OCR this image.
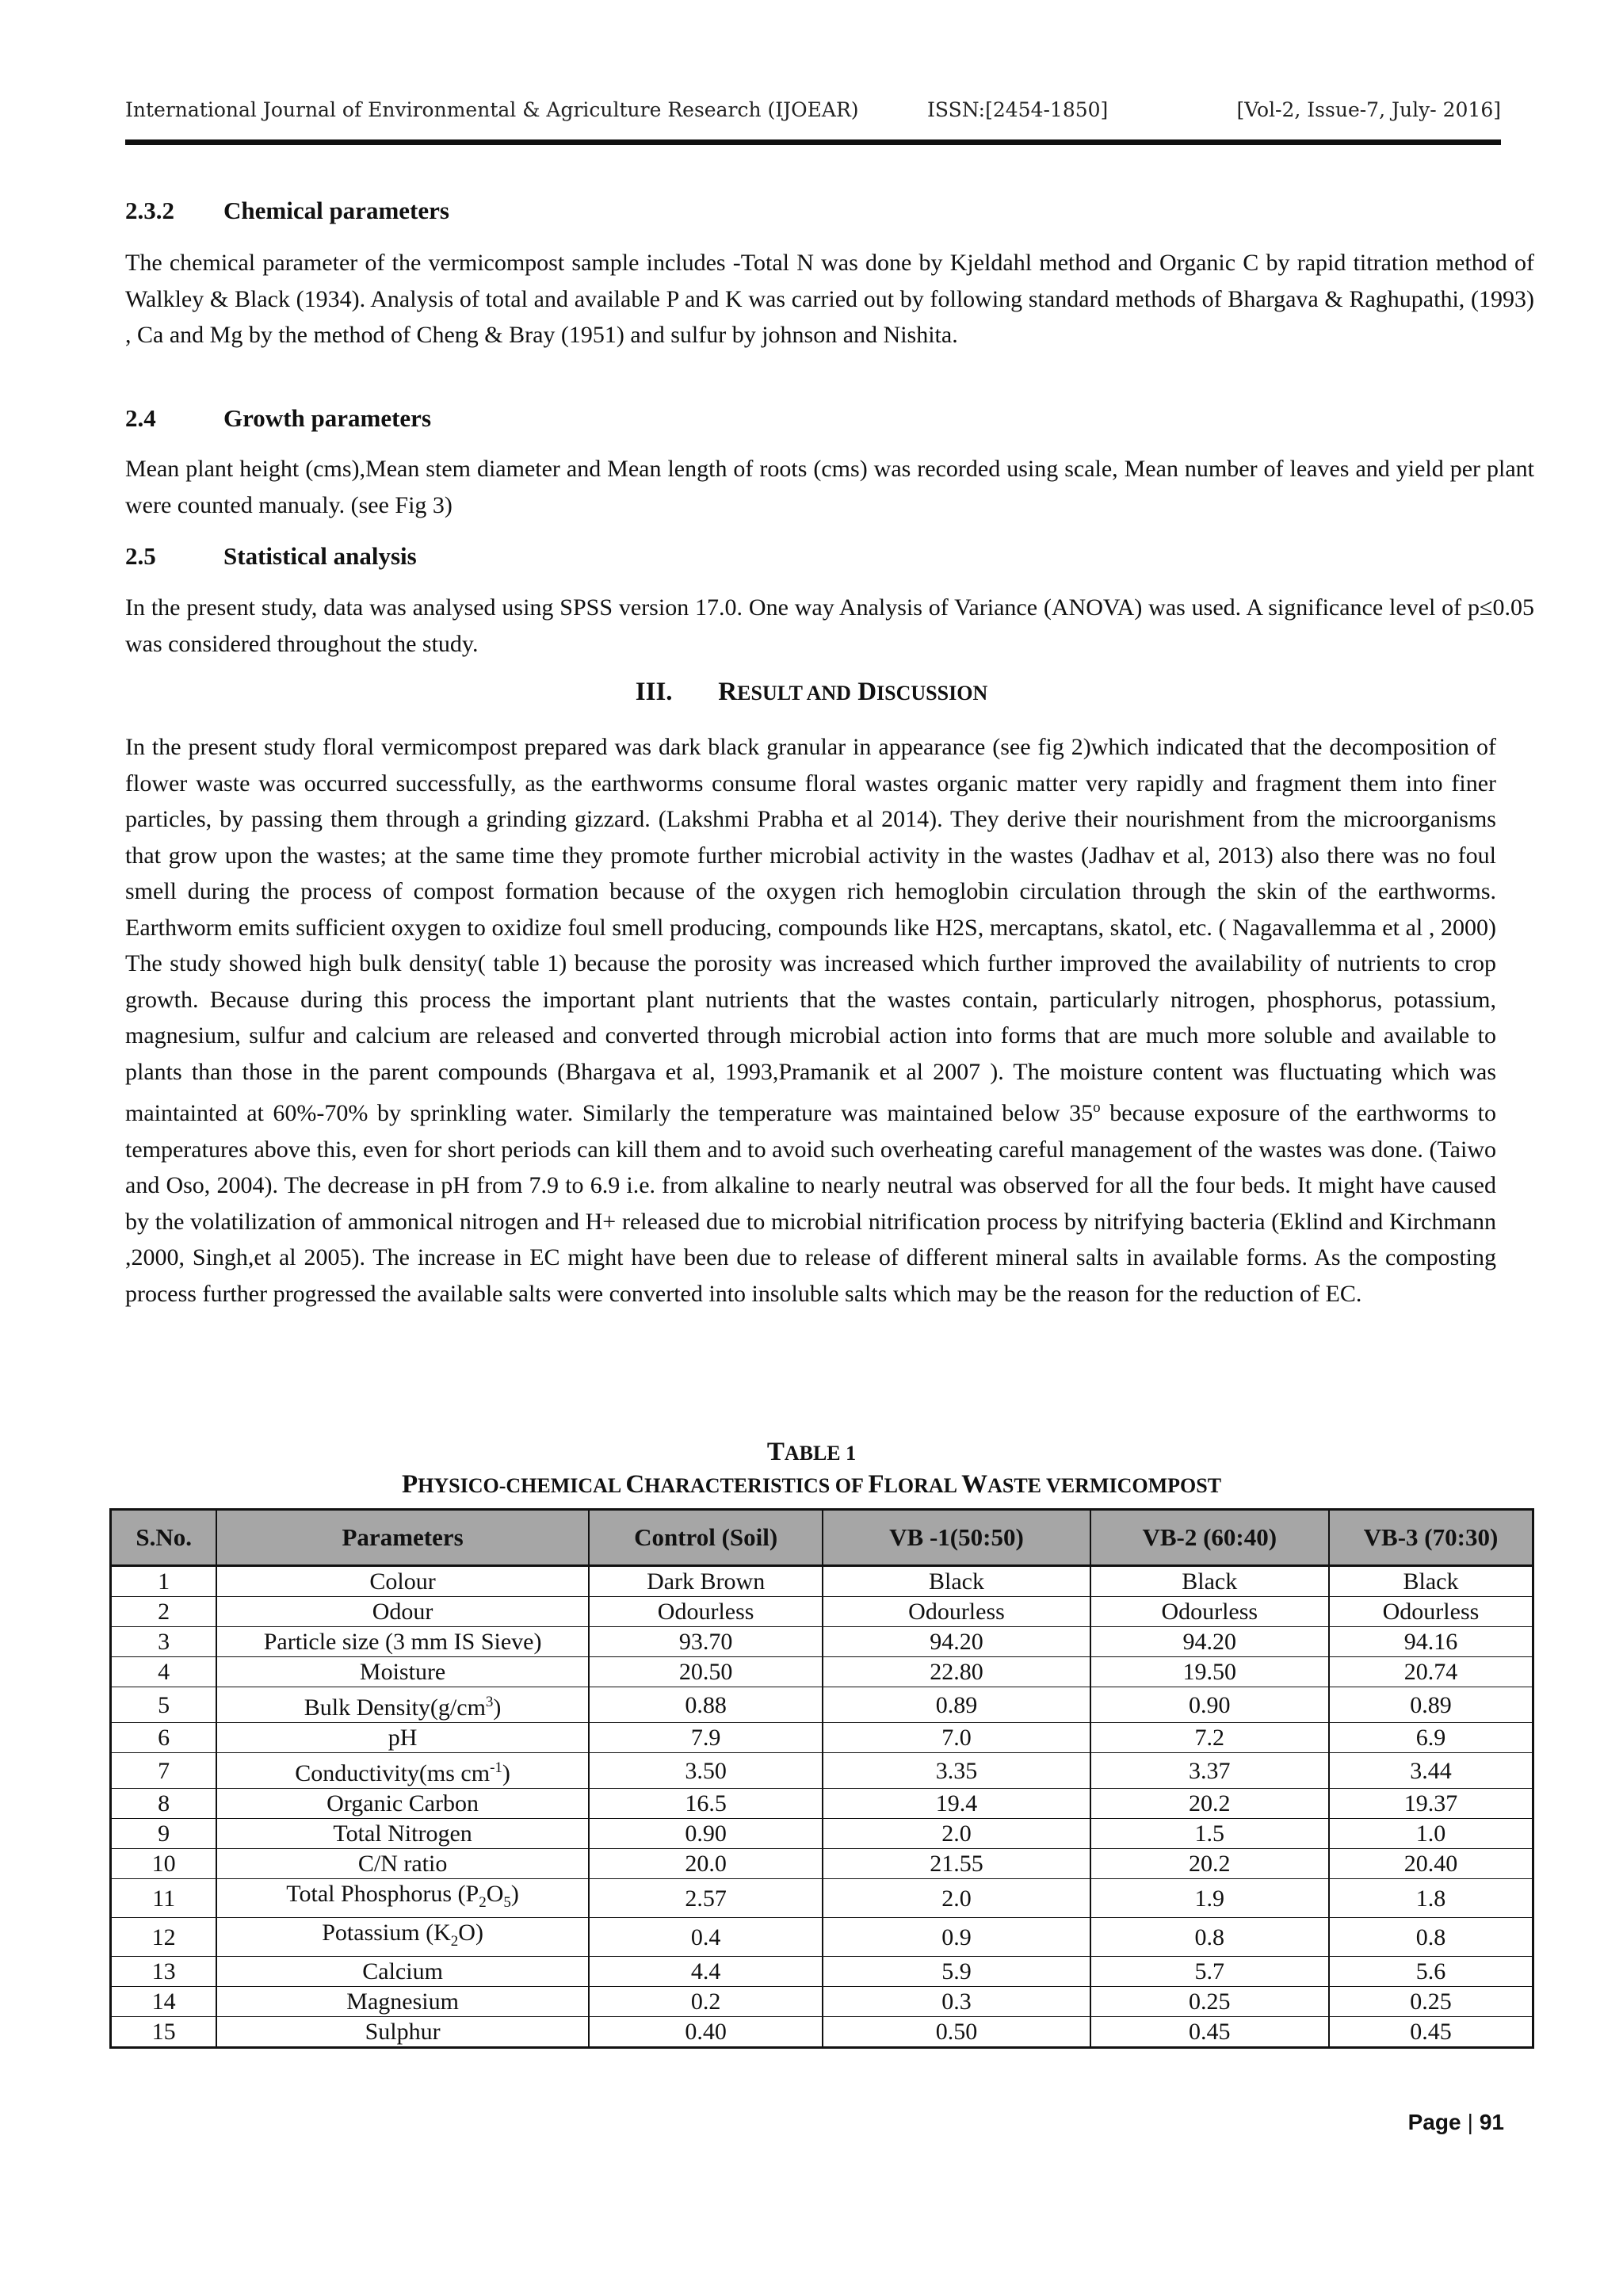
International Journal of Environmental & Agriculture Research (IJOEAR)	ISSN:[2454-1850]	[Vol-2, Issue-7, July- 2016]
2.3.2 Chemical parameters
The chemical parameter of the vermicompost sample includes -Total N was done by Kjeldahl method and Organic C by rapid titration method of Walkley & Black (1934). Analysis of total and available P and K was carried out by following standard methods of Bhargava & Raghupathi, (1993) , Ca and Mg by the method of Cheng & Bray (1951) and sulfur by johnson and Nishita.
2.4	Growth parameters
Mean plant height (cms),Mean stem diameter and Mean length of roots (cms) was recorded using scale, Mean number of leaves and yield per plant were counted manualy. (see Fig 3)
2.5	Statistical analysis
In the present study, data was analysed using SPSS version 17.0. One way Analysis of Variance (ANOVA) was used. A significance level of p≤0.05 was considered throughout the study.
III. RESULT AND DISCUSSION
In the present study floral vermicompost prepared was dark black granular in appearance (see fig 2)which indicated that the decomposition of flower waste was occurred successfully, as the earthworms consume floral wastes organic matter very rapidly and fragment them into finer particles, by passing them through a grinding gizzard. (Lakshmi Prabha et al 2014). They derive their nourishment from the microorganisms that grow upon the wastes; at the same time they promote further microbial activity in the wastes (Jadhav et al, 2013) also there was no foul smell during the process of compost formation because of the oxygen rich hemoglobin circulation through the skin of the earthworms. Earthworm emits sufficient oxygen to oxidize foul smell producing, compounds like H2S, mercaptans, skatol, etc. ( Nagavallemma et al , 2000) The study showed high bulk density( table 1) because the porosity was increased which further improved the availability of nutrients to crop growth. Because during this process the important plant nutrients that the wastes contain, particularly nitrogen, phosphorus, potassium, magnesium, sulfur and calcium are released and converted through microbial action into forms that are much more soluble and available to plants than those in the parent compounds (Bhargava et al, 1993,Pramanik et al 2007 ). The moisture content was fluctuating which was maintainted at 60%-70% by sprinkling water. Similarly the temperature was maintained below 35$^o$ because exposure of the earthworms to temperatures above this, even for short periods can kill them and to avoid such overheating careful management of the wastes was done. (Taiwo and Oso, 2004). The decrease in pH from 7.9 to 6.9 i.e. from alkaline to nearly neutral was observed for all the four beds. It might have caused by the volatilization of ammonical nitrogen and H+ released due to microbial nitrification process by nitrifying bacteria (Eklind and Kirchmann ,2000, Singh,et al 2005). The increase in EC might have been due to release of different mineral salts in available forms. As the composting process further progressed the available salts were converted into insoluble salts which may be the reason for the reduction of EC.
TABLE 1
PHYSICO-CHEMICAL CHARACTERISTICS OF FLORAL WASTE VERMICOMPOST
S.No.	Parameters	Control (Soil)	VB -1(50:50)	VB-2 (60:40)	VB-3 (70:30)
1	Colour	Dark Brown	Black	Black	Black
2	Odour	Odourless	Odourless	Odourless	Odourless
3	Particle size (3 mm IS Sieve)	93.70	94.20	94.20	94.16
4	Moisture	20.50	22.80	19.50	20.74
5	Bulk $Density(g/cm^3)$	0.88	0.89	0.90	0.89
6	pH	7.9	7.0	7.2	6.9
7	Conductivity(ms $cm^{-1}$)	3.50	3.35	3.37	3.44
8	Organic Carbon	16.5	19.4	20.2	19.37
9	Total Nitrogen	0.90	2.0	1.5	1.0
10	C/N ratio	20.0	21.55	20.2	20.40
11	Total Phosphorus $(P_2O_5)$	2.57	2.0	1.9	1.8
12	Potassium $(K_2O)$	0.4	0.9	0.8	0.8
13	Calcium	4.4	5.9	5.7	5.6
14	Magnesium	0.2	0.3	0.25	0.25
15	Sulphur	0.40	0.50	0.45	0.45
Page | 91
